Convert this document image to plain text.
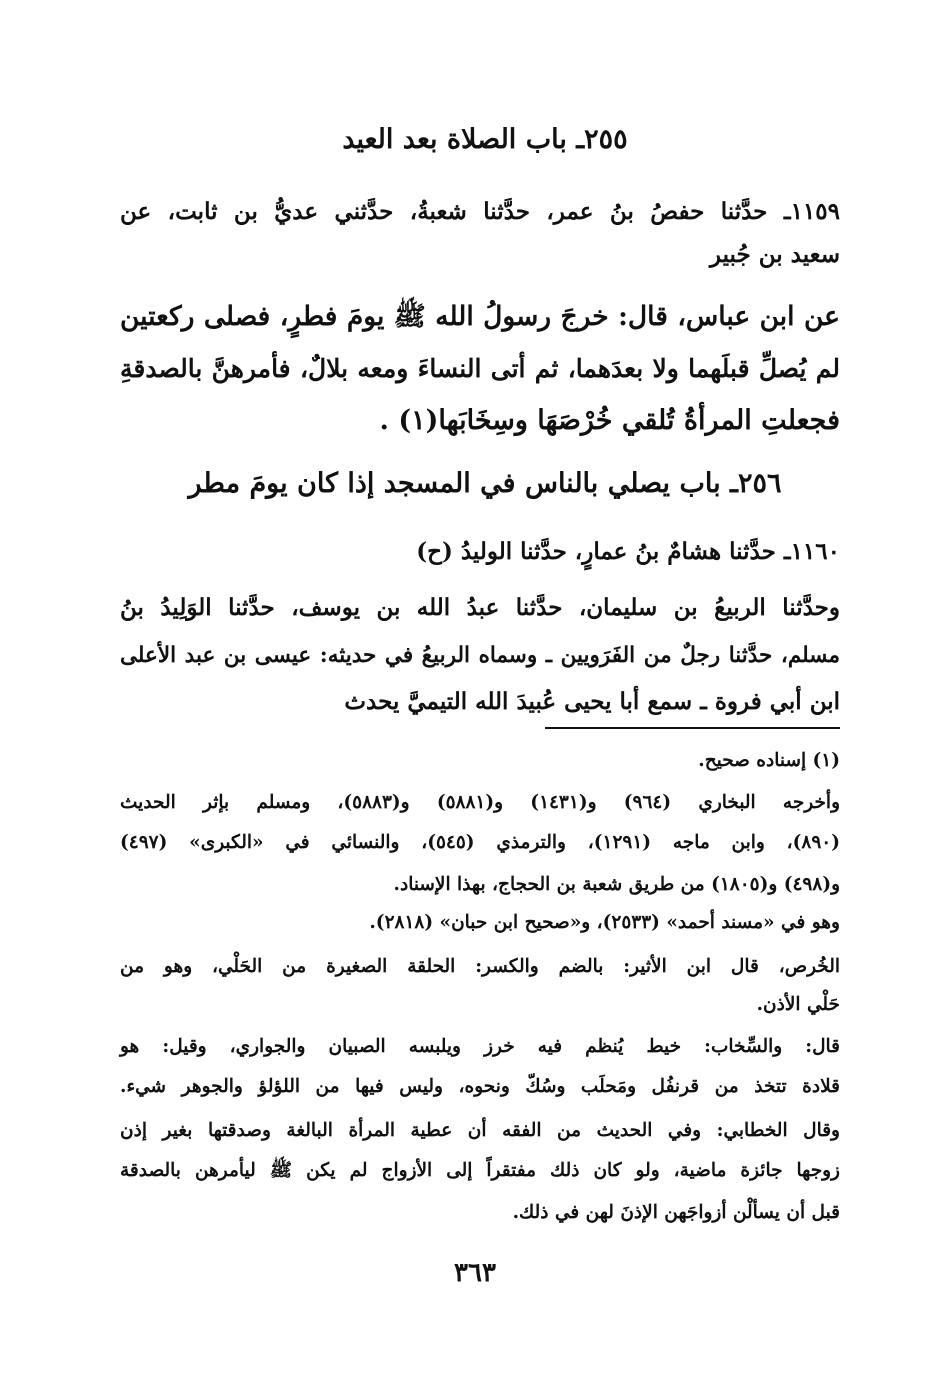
٢٥٥ـ باب الصلاة بعد العيد
١١٥٩ـ حدَّثنا حفصُ بنُ عمر، حدَّثنا شعبةُ، حدَّثني عديُّ بن ثابت، عن
سعيد بن جُبير
عن ابن عباس، قال: خرجَ رسولُ الله ﷺ يومَ فطرٍ، فصلى ركعتين
لم يُصلِّ قبلَهما ولا بعدَهما، ثم أتى النساءَ ومعه بلالٌ، فأمرهنَّ بالصدقةِ
فجعلتِ المرأةُ تُلقي خُرْصَهَا وسِخَابَها(١) .
٢٥٦ـ باب يصلي بالناس في المسجد إذا كان يومَ مطر
١١٦٠ـ حدَّثنا هشامٌ بنُ عمارٍ، حدَّثنا الوليدُ (ح)
وحدَّثنا الربيعُ بن سليمان، حدَّثنا عبدُ الله بن يوسف، حدَّثنا الوَلِيدُ بنُ
مسلم، حدَّثنا رجلٌ من الفَرَويين ـ وسماه الربيعُ في حديثه: عيسى بن عبد الأعلى
ابن أبي فروة ـ سمع أبا يحيى عُبيدَ الله التيميَّ يحدث
(١) إسناده صحيح.
وأخرجه البخاري (٩٦٤) و(١٤٣١) و(٥٨٨١) و(٥٨٨٣)، ومسلم بإثر الحديث
(٨٩٠)، وابن ماجه (١٢٩١)، والترمذي (٥٤٥)، والنسائي في «الكبرى» (٤٩٧)
و(٤٩٨) و(١٨٠٥) من طريق شعبة بن الحجاج، بهذا الإسناد.
وهو في «مسند أحمد» (٢٥٣٣)، و«صحيح ابن حبان» (٢٨١٨).
الخُرص، قال ابن الأثير: بالضم والكسر: الحلقة الصغيرة من الحَلْي، وهو من
حَلْي الأذن.
قال: والسِّخاب: خيط يُنظم فيه خرز ويلبسه الصبيان والجواري، وقيل: هو
قلادة تتخذ من قرنفُل ومَحلَب وسُكّ ونحوه، وليس فيها من اللؤلؤ والجوهر شيء.
وقال الخطابي: وفي الحديث من الفقه أن عطية المرأة البالغة وصدقتها بغير إذن
زوجها جائزة ماضية، ولو كان ذلك مفتقراً إلى الأزواج لم يكن ﷺ ليأمرهن بالصدقة
قبل أن يسألْن أزواجَهن الإذنَ لهن في ذلك.
٣٦٣
